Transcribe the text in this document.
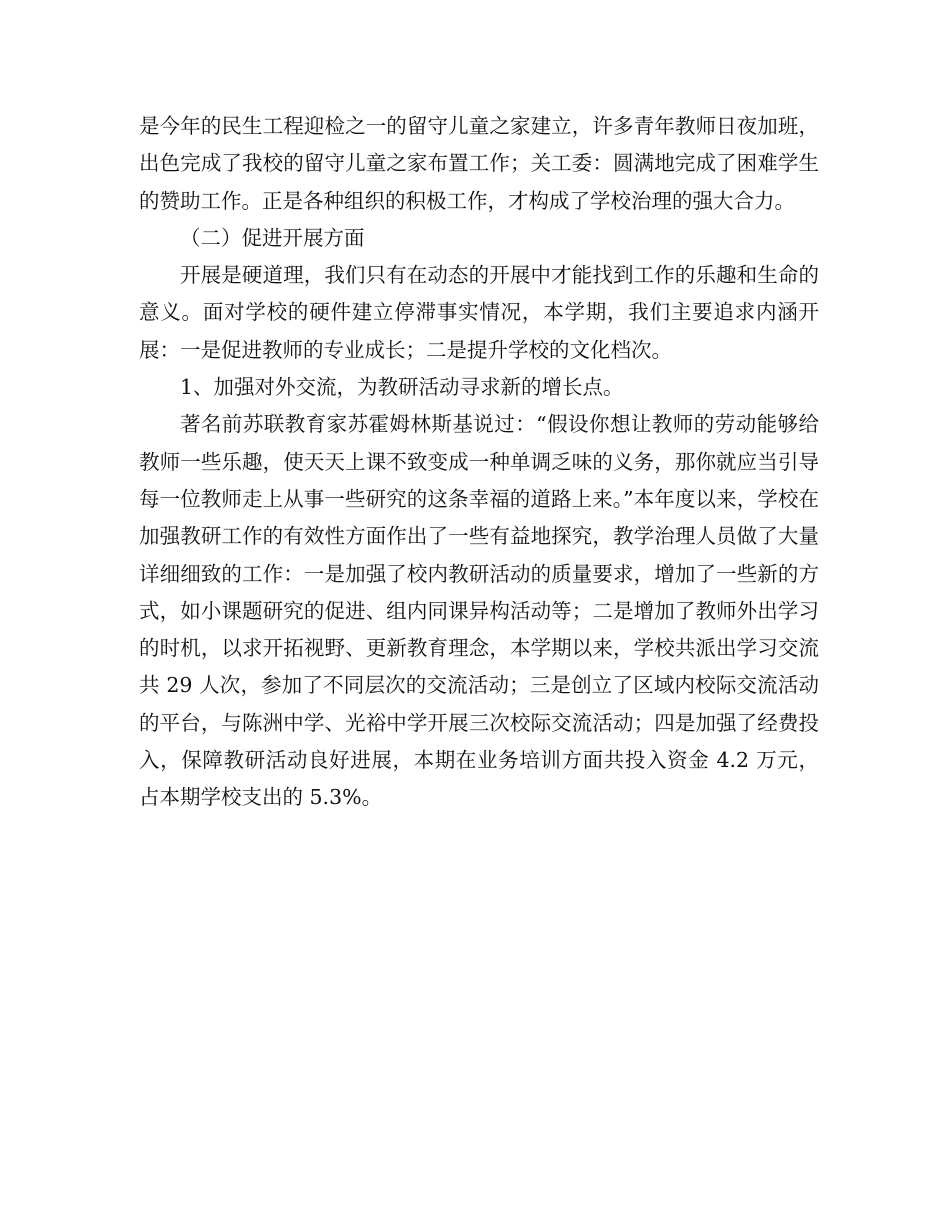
是今年的民生工程迎检之一的留守儿童之家建立，许多青年教师日夜加班，出色完成了我校的留守儿童之家布置工作；关工委：圆满地完成了困难学生的赞助工作。正是各种组织的积极工作，才构成了学校治理的强大合力。

（二）促进开展方面

开展是硬道理，我们只有在动态的开展中才能找到工作的乐趣和生命的意义。面对学校的硬件建立停滞事实情况，本学期，我们主要追求内涵开展：一是促进教师的专业成长；二是提升学校的文化档次。

1、加强对外交流，为教研活动寻求新的增长点。

著名前苏联教育家苏霍姆林斯基说过：“假设你想让教师的劳动能够给教师一些乐趣，使天天上课不致变成一种单调乏味的义务，那你就应当引导每一位教师走上从事一些研究的这条幸福的道路上来。”本年度以来，学校在加强教研工作的有效性方面作出了一些有益地探究，教学治理人员做了大量详细细致的工作：一是加强了校内教研活动的质量要求，增加了一些新的方式，如小课题研究的促进、组内同课异构活动等；二是增加了教师外出学习的时机，以求开拓视野、更新教育理念，本学期以来，学校共派出学习交流共 29 人次，参加了不同层次的交流活动；三是创立了区域内校际交流活动的平台，与陈洲中学、光裕中学开展三次校际交流活动；四是加强了经费投入，保障教研活动良好进展，本期在业务培训方面共投入资金 4.2 万元，占本期学校支出的 5.3%。
